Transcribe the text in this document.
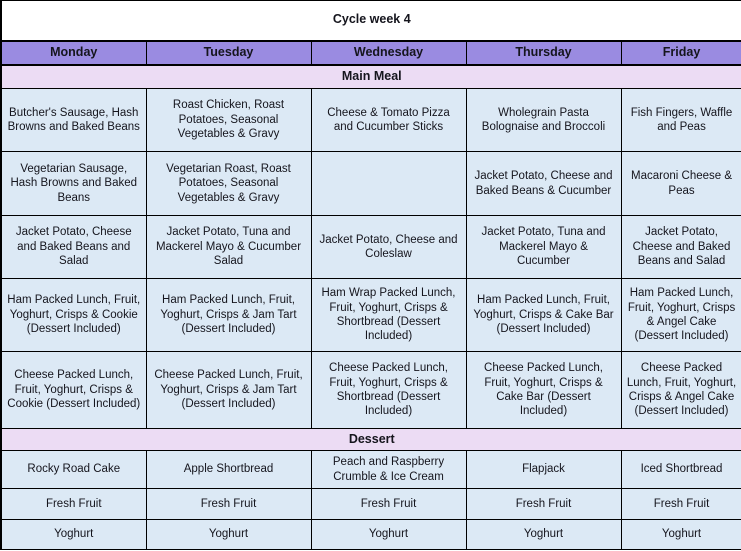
Cycle week 4				
Monday	Tuesday	Wednesday	Thursday	Friday
Main Meal				
Butcher's Sausage, Hash Browns and Baked Beans	Roast Chicken, Roast Potatoes, Seasonal Vegetables & Gravy	Cheese & Tomato Pizza and Cucumber Sticks	Wholegrain Pasta Bolognaise and Broccoli	Fish Fingers, Waffle and Peas
Vegetarian Sausage, Hash Browns and Baked Beans	Vegetarian Roast, Roast Potatoes, Seasonal Vegetables & Gravy		Jacket Potato, Cheese and Baked Beans & Cucumber	Macaroni Cheese & Peas
Jacket Potato, Cheese and Baked Beans and Salad	Jacket Potato, Tuna and Mackerel Mayo & Cucumber Salad	Jacket Potato, Cheese and Coleslaw	Jacket Potato, Tuna and Mackerel Mayo & Cucumber	Jacket Potato, Cheese and Baked Beans and Salad
Ham Packed Lunch, Fruit, Yoghurt, Crisps & Cookie (Dessert Included)	Ham Packed Lunch, Fruit, Yoghurt, Crisps & Jam Tart (Dessert Included)	Ham Wrap Packed Lunch, Fruit, Yoghurt, Crisps & Shortbread (Dessert Included)	Ham Packed Lunch, Fruit, Yoghurt, Crisps & Cake Bar (Dessert Included)	Ham Packed Lunch, Fruit, Yoghurt, Crisps & Angel Cake (Dessert Included)
Cheese Packed Lunch, Fruit, Yoghurt, Crisps & Cookie (Dessert Included)	Cheese Packed Lunch, Fruit, Yoghurt, Crisps & Jam Tart (Dessert Included)	Cheese Packed Lunch, Fruit, Yoghurt, Crisps & Shortbread (Dessert Included)	Cheese Packed Lunch, Fruit, Yoghurt, Crisps & Cake Bar (Dessert Included)	Cheese Packed Lunch, Fruit, Yoghurt, Crisps & Angel Cake (Dessert Included)
Dessert				
Rocky Road Cake	Apple Shortbread	Peach and Raspberry Crumble & Ice Cream	Flapjack	Iced Shortbread
Fresh Fruit	Fresh Fruit	Fresh Fruit	Fresh Fruit	Fresh Fruit
Yoghurt	Yoghurt	Yoghurt	Yoghurt	Yoghurt
